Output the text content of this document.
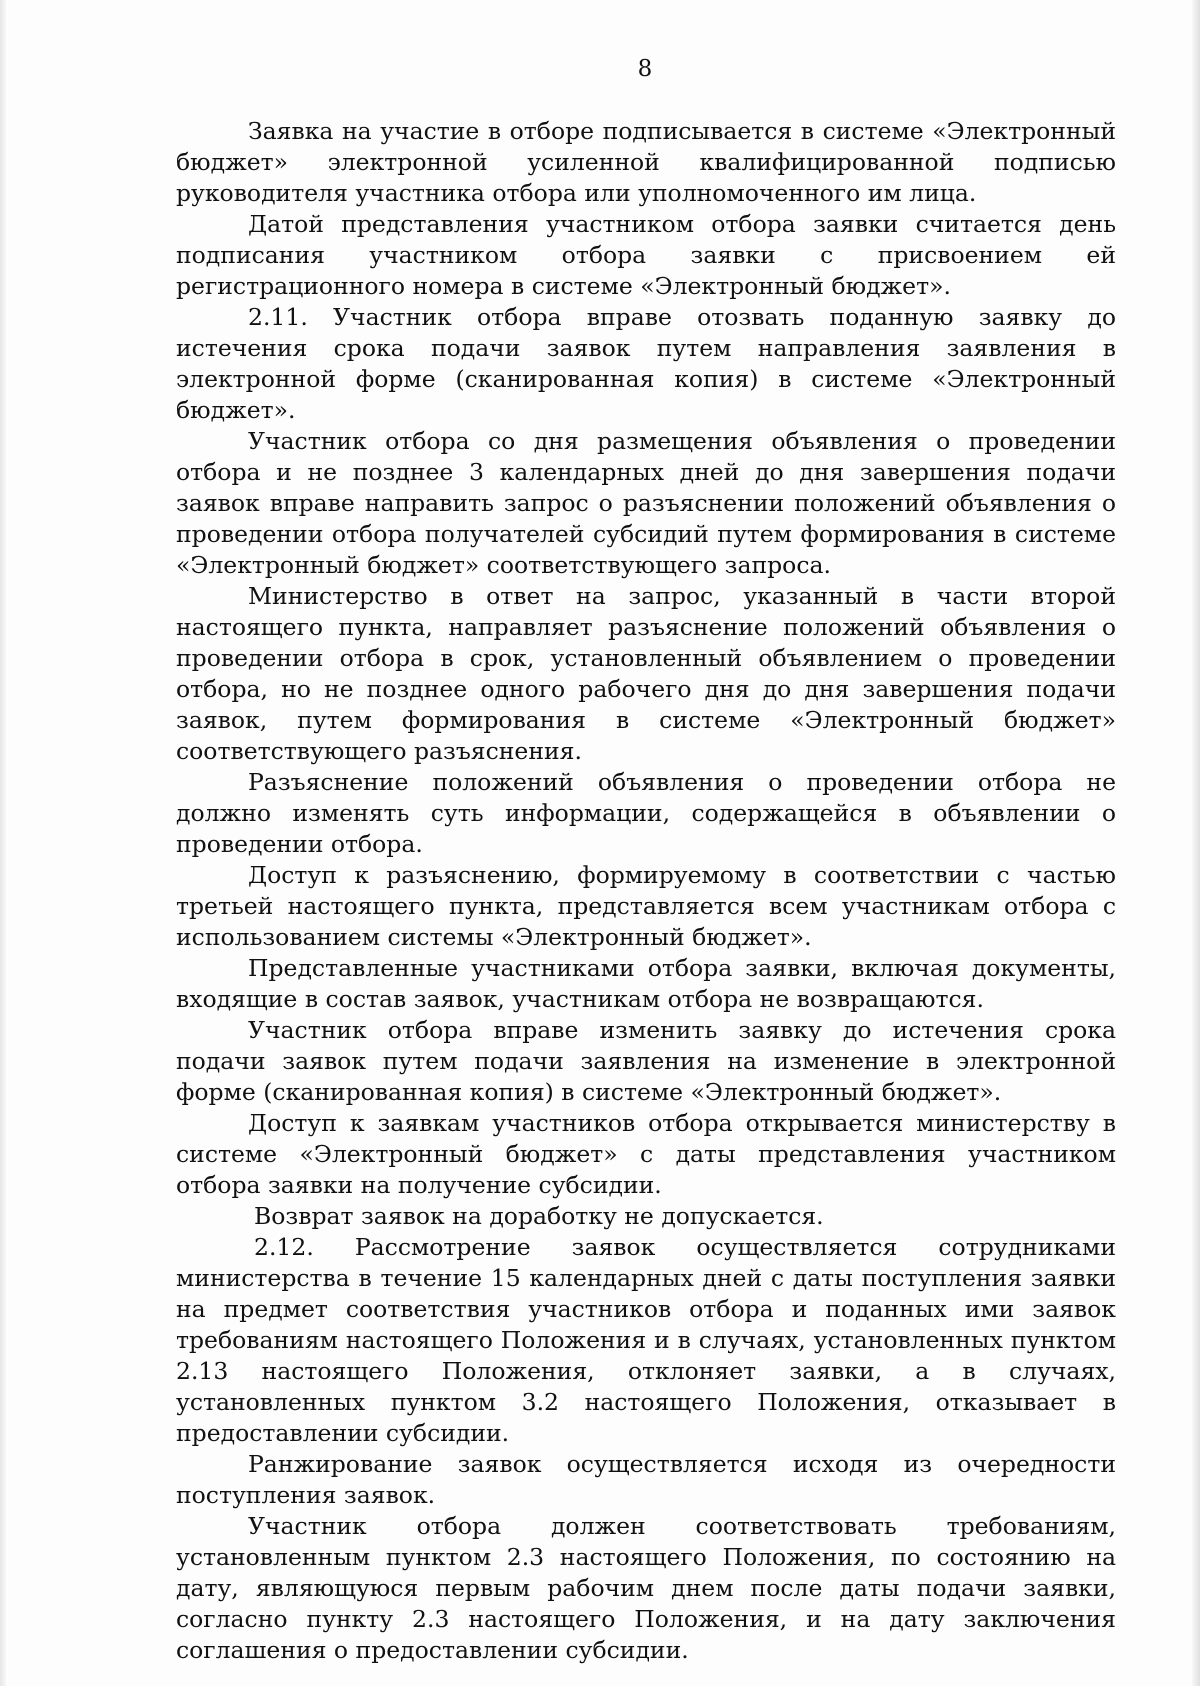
8

Заявка на участие в отборе подписывается в системе «Электронный бюджет» электронной усиленной квалифицированной подписью руководителя участника отбора или уполномоченного им лица.

Датой представления участником отбора заявки считается день подписания участником отбора заявки с присвоением ей регистрационного номера в системе «Электронный бюджет».

2.11. Участник отбора вправе отозвать поданную заявку до истечения срока подачи заявок путем направления заявления в электронной форме (сканированная копия) в системе «Электронный бюджет».

Участник отбора со дня размещения объявления о проведении отбора и не позднее 3 календарных дней до дня завершения подачи заявок вправе направить запрос о разъяснении положений объявления о проведении отбора получателей субсидий путем формирования в системе «Электронный бюджет» соответствующего запроса.

Министерство в ответ на запрос, указанный в части второй настоящего пункта, направляет разъяснение положений объявления о проведении отбора в срок, установленный объявлением о проведении отбора, но не позднее одного рабочего дня до дня завершения подачи заявок, путем формирования в системе «Электронный бюджет» соответствующего разъяснения.

Разъяснение положений объявления о проведении отбора не должно изменять суть информации, содержащейся в объявлении о проведении отбора.

Доступ к разъяснению, формируемому в соответствии с частью третьей настоящего пункта, представляется всем участникам отбора с использованием системы «Электронный бюджет».

Представленные участниками отбора заявки, включая документы, входящие в состав заявок, участникам отбора не возвращаются.

Участник отбора вправе изменить заявку до истечения срока подачи заявок путем подачи заявления на изменение в электронной форме (сканированная копия) в системе «Электронный бюджет».

Доступ к заявкам участников отбора открывается министерству в системе «Электронный бюджет» с даты представления участником отбора заявки на получение субсидии.

Возврат заявок на доработку не допускается.

2.12. Рассмотрение заявок осуществляется сотрудниками министерства в течение 15 календарных дней с даты поступления заявки на предмет соответствия участников отбора и поданных ими заявок требованиям настоящего Положения и в случаях, установленных пунктом 2.13 настоящего Положения, отклоняет заявки, а в случаях, установленных пунктом 3.2 настоящего Положения, отказывает в предоставлении субсидии.

Ранжирование заявок осуществляется исходя из очередности поступления заявок.

Участник отбора должен соответствовать требованиям, установленным пунктом 2.3 настоящего Положения, по состоянию на дату, являющуюся первым рабочим днем после даты подачи заявки, согласно пункту 2.3 настоящего Положения, и на дату заключения соглашения о предоставлении субсидии.
